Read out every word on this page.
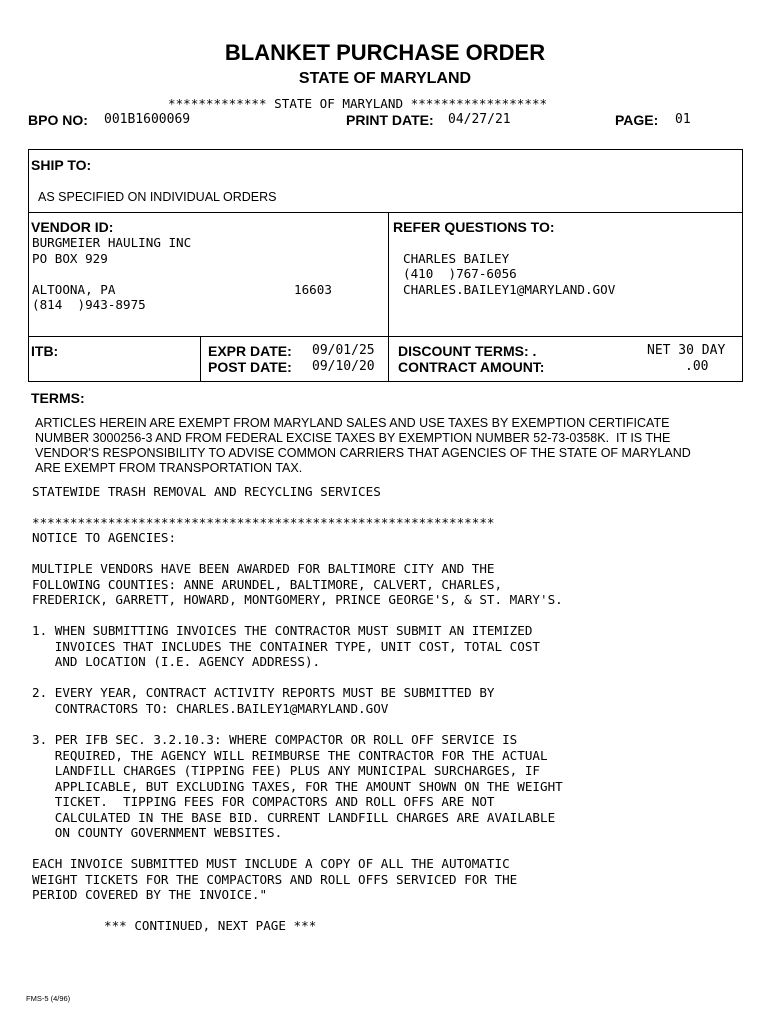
BLANKET PURCHASE ORDER
STATE OF MARYLAND
************* STATE OF MARYLAND ******************
BPO NO: 001B1600069	PRINT DATE: 04/27/21	PAGE: 01
SHIP TO:
AS SPECIFIED ON INDIVIDUAL ORDERS
VENDOR ID:
BURGMEIER HAULING INC
PO BOX 929
ALTOONA, PA	16603
(814  )943-8975
REFER QUESTIONS TO:
CHARLES BAILEY
(410  )767-6056
CHARLES.BAILEY1@MARYLAND.GOV
ITB:	EXPR DATE: 09/01/25
POST DATE: 09/10/20
DISCOUNT TERMS: .	NET 30 DAY
CONTRACT AMOUNT:	.00
TERMS:
ARTICLES HEREIN ARE EXEMPT FROM MARYLAND SALES AND USE TAXES BY EXEMPTION CERTIFICATE
NUMBER 3000256-3 AND FROM FEDERAL EXCISE TAXES BY EXEMPTION NUMBER 52-73-0358K.  IT IS THE
VENDOR'S RESPONSIBILITY TO ADVISE COMMON CARRIERS THAT AGENCIES OF THE STATE OF MARYLAND
ARE EXEMPT FROM TRANSPORTATION TAX.
STATEWIDE TRASH REMOVAL AND RECYCLING SERVICES
*************************************************************
NOTICE TO AGENCIES:
MULTIPLE VENDORS HAVE BEEN AWARDED FOR BALTIMORE CITY AND THE
FOLLOWING COUNTIES: ANNE ARUNDEL, BALTIMORE, CALVERT, CHARLES,
FREDERICK, GARRETT, HOWARD, MONTGOMERY, PRINCE GEORGE'S, & ST. MARY'S.
1. WHEN SUBMITTING INVOICES THE CONTRACTOR MUST SUBMIT AN ITEMIZED
INVOICES THAT INCLUDES THE CONTAINER TYPE, UNIT COST, TOTAL COST
AND LOCATION (I.E. AGENCY ADDRESS).
2. EVERY YEAR, CONTRACT ACTIVITY REPORTS MUST BE SUBMITTED BY
CONTRACTORS TO: CHARLES.BAILEY1@MARYLAND.GOV
3. PER IFB SEC. 3.2.10.3: WHERE COMPACTOR OR ROLL OFF SERVICE IS
REQUIRED, THE AGENCY WILL REIMBURSE THE CONTRACTOR FOR THE ACTUAL
LANDFILL CHARGES (TIPPING FEE) PLUS ANY MUNICIPAL SURCHARGES, IF
APPLICABLE, BUT EXCLUDING TAXES, FOR THE AMOUNT SHOWN ON THE WEIGHT
TICKET.  TIPPING FEES FOR COMPACTORS AND ROLL OFFS ARE NOT
CALCULATED IN THE BASE BID. CURRENT LANDFILL CHARGES ARE AVAILABLE
ON COUNTY GOVERNMENT WEBSITES.
EACH INVOICE SUBMITTED MUST INCLUDE A COPY OF ALL THE AUTOMATIC
WEIGHT TICKETS FOR THE COMPACTORS AND ROLL OFFS SERVICED FOR THE
PERIOD COVERED BY THE INVOICE."
*** CONTINUED, NEXT PAGE ***
FMS-5 (4/96)
